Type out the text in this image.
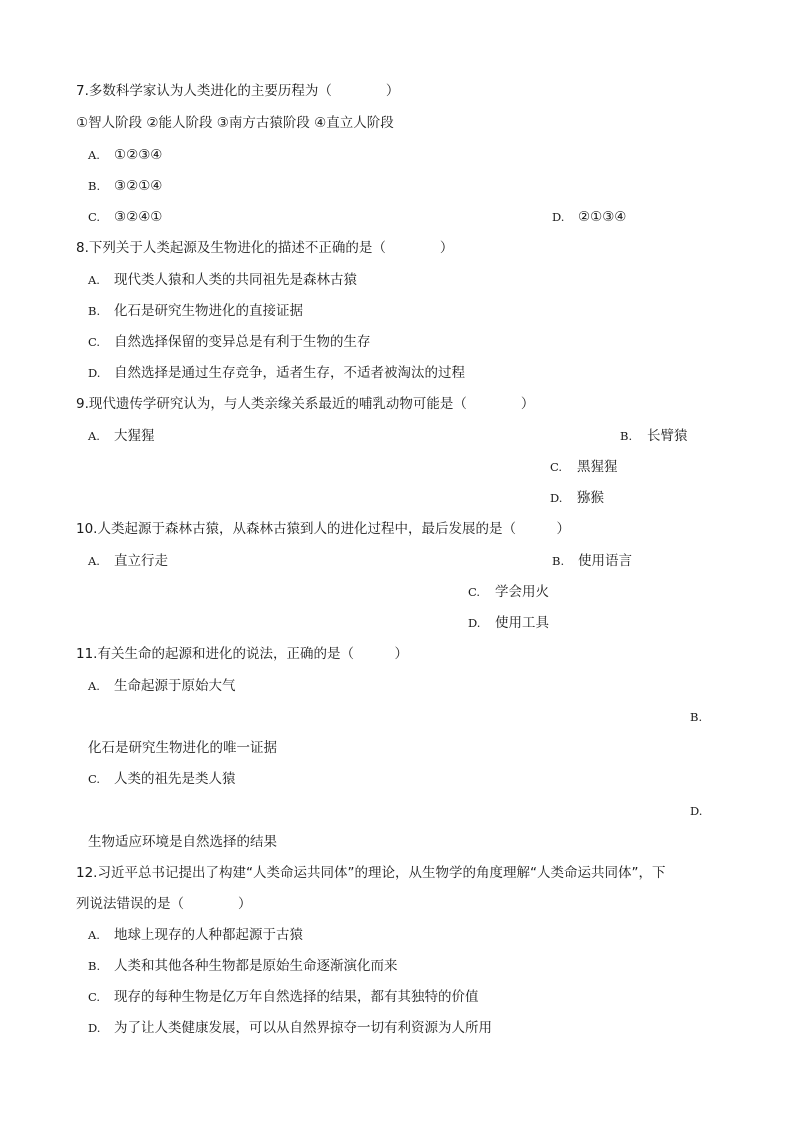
7.多数科学家认为人类进化的主要历程为（　　　　）
①智人阶段 ②能人阶段 ③南方古猿阶段 ④直立人阶段
A. ①②③④
B. ③②①④
C. ③②④①	D. ②①③④
8.下列关于人类起源及生物进化的描述不正确的是（　　　　）
A. 现代类人猿和人类的共同祖先是森林古猿
B. 化石是研究生物进化的直接证据
C. 自然选择保留的变异总是有利于生物的生存
D. 自然选择是通过生存竞争，适者生存，不适者被淘汰的过程
9.现代遗传学研究认为，与人类亲缘关系最近的哺乳动物可能是（　　　　）
A. 大猩猩	B. 长臂猿
C. 黑猩猩
D. 猕猴
10.人类起源于森林古猿，从森林古猿到人的进化过程中，最后发展的是（　　　）
A. 直立行走	B. 使用语言
C. 学会用火
D. 使用工具
11.有关生命的起源和进化的说法，正确的是（　　　）
A. 生命起源于原始大气
B.
化石是研究生物进化的唯一证据
C. 人类的祖先是类人猿
D.
生物适应环境是自然选择的结果
12.习近平总书记提出了构建“人类命运共同体”的理论，从生物学的角度理解“人类命运共同体”，下
列说法错误的是（　　　　）
A. 地球上现存的人种都起源于古猿
B. 人类和其他各种生物都是原始生命逐渐演化而来
C. 现存的每种生物是亿万年自然选择的结果，都有其独特的价值
D. 为了让人类健康发展，可以从自然界掠夺一切有利资源为人所用
